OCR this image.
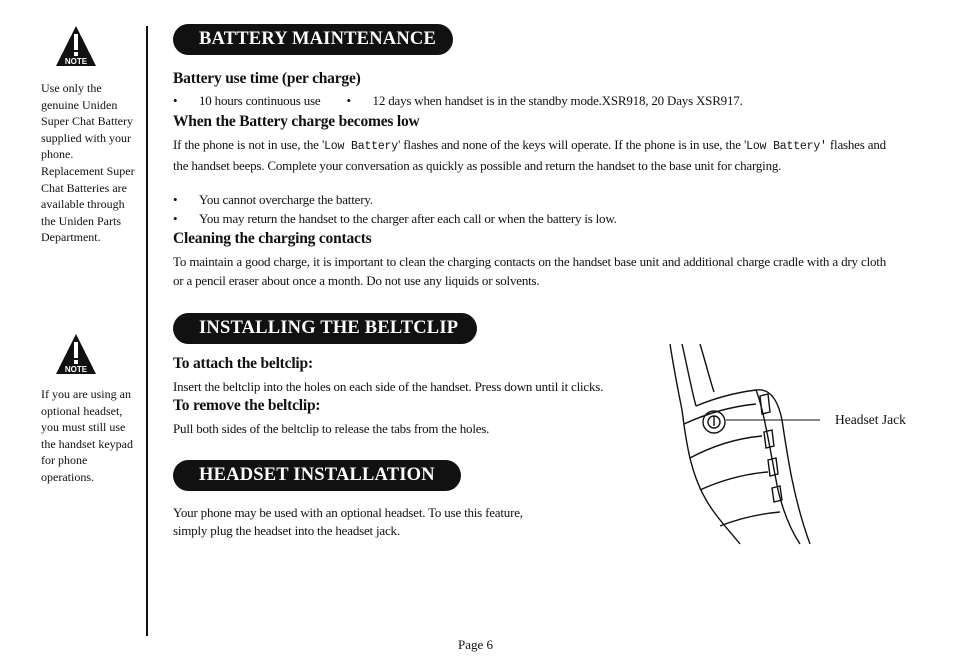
NOTE
Use only the genuine Uniden Super Chat Battery supplied with your phone. Replacement Super Chat Batteries are available through the Uniden Parts Department.
NOTE
If you are using an optional headset, you must still use the handset keypad for phone operations.
BATTERY MAINTENANCE
Battery use time (per charge)
• 10 hours continuous use • 12 days when handset is in the standby mode.XSR918, 20 Days XSR917.
When the Battery charge becomes low
If the phone is not in use, the 'Low Battery' flashes and none of the keys will operate. If the phone is in use, the 'Low Battery' flashes and the handset beeps. Complete your conversation as quickly as possible and return the handset to the base unit for charging.
• You cannot overcharge the battery.
• You may return the handset to the charger after each call or when the battery is low.
Cleaning the charging contacts
To maintain a good charge, it is important to clean the charging contacts on the handset base unit and additional charge cradle with a dry cloth or a pencil eraser about once a month. Do not use any liquids or solvents.
INSTALLING THE BELTCLIP
To attach the beltclip:
Insert the beltclip into the holes on each side of the handset. Press down until it clicks.
To remove the beltclip:
Pull both sides of the beltclip to release the tabs from the holes.
HEADSET INSTALLATION
Your phone may be used with an optional headset. To use this feature,
simply plug the headset into the headset jack.
Headset Jack
Page 6
